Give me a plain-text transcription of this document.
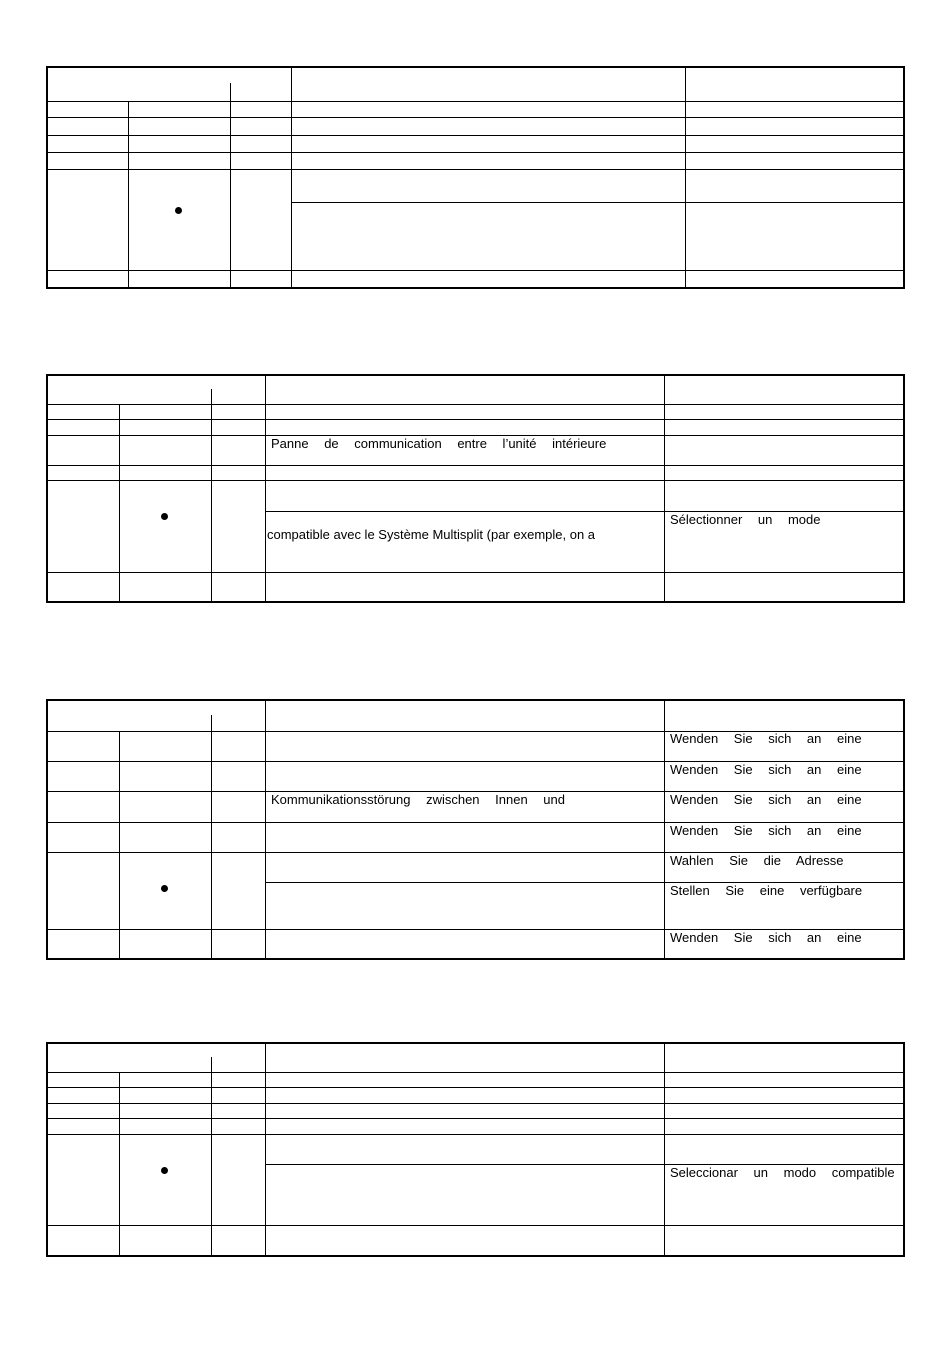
Panne de communication entre l’unité intérieure
compatible avec le Système Multisplit (par exemple, on a
Sélectionner un mode
Wenden Sie sich an eine
Wenden Sie sich an eine
Kommunikationsstörung zwischen Innen und	Wenden Sie sich an eine
Wenden Sie sich an eine
Wahlen Sie die Adresse
Stellen Sie eine verfügbare
Wenden Sie sich an eine
Seleccionar un modo compatible
